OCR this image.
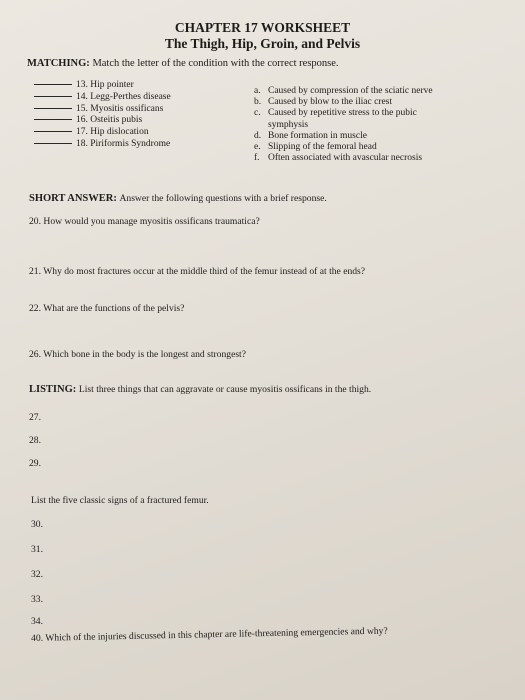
CHAPTER 17 WORKSHEET
The Thigh, Hip, Groin, and Pelvis
MATCHING: Match the letter of the condition with the correct response.
13. Hip pointer
14. Legg-Perthes disease
15. Myositis ossificans
16. Osteitis pubis
17. Hip dislocation
18. Piriformis Syndrome
a. Caused by compression of the sciatic nerve
b. Caused by blow to the iliac crest
c. Caused by repetitive stress to the pubic
symphysis
d. Bone formation in muscle
e. Slipping of the femoral head
f. Often associated with avascular necrosis
SHORT ANSWER: Answer the following questions with a brief response.
20. How would you manage myositis ossificans traumatica?
21. Why do most fractures occur at the middle third of the femur instead of at the ends?
22. What are the functions of the pelvis?
26. Which bone in the body is the longest and strongest?
LISTING: List three things that can aggravate or cause myositis ossificans in the thigh.
27.
28.
29.
List the five classic signs of a fractured femur.
30.
31.
32.
33.
34.
40. Which of the injuries discussed in this chapter are life-threatening emergencies and why?
